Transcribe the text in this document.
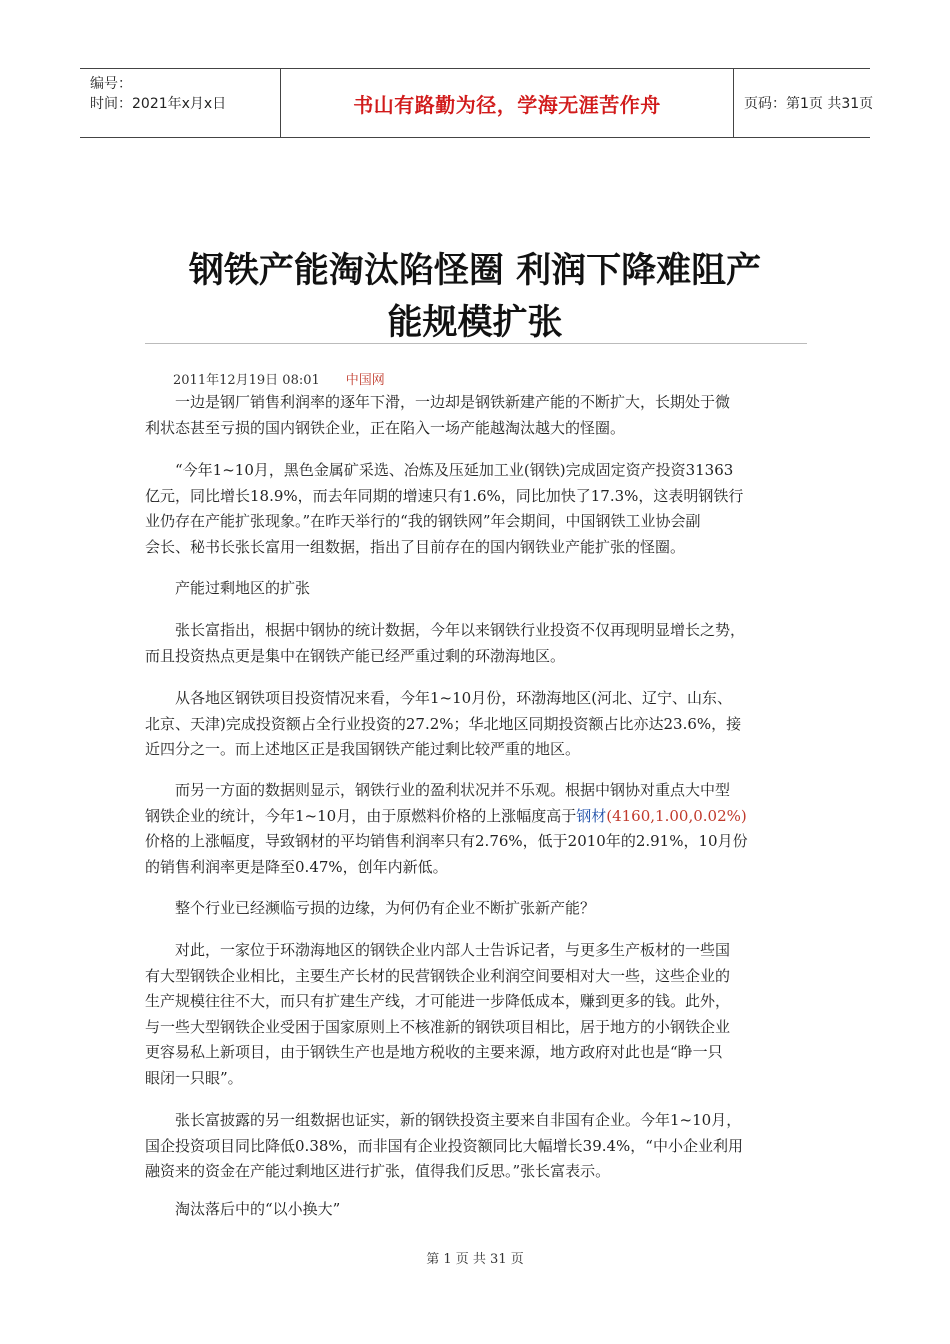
编号：
时间：2021年x月x日	书山有路勤为径，学海无涯苦作舟	页码：第1页 共31页
钢铁产能淘汰陷怪圈 利润下降难阻产
能规模扩张
2011年12月19日 08:01 中国网
一边是钢厂销售利润率的逐年下滑，一边却是钢铁新建产能的不断扩大，长期处于微
利状态甚至亏损的国内钢铁企业，正在陷入一场产能越淘汰越大的怪圈。
“今年1~10月，黑色金属矿采选、冶炼及压延加工业(钢铁)完成固定资产投资31363
亿元，同比增长18.9%，而去年同期的增速只有1.6%，同比加快了17.3%，这表明钢铁行
业仍存在产能扩张现象。”在昨天举行的“我的钢铁网”年会期间，中国钢铁工业协会副
会长、秘书长张长富用一组数据，指出了目前存在的国内钢铁业产能扩张的怪圈。
产能过剩地区的扩张
张长富指出，根据中钢协的统计数据，今年以来钢铁行业投资不仅再现明显增长之势，
而且投资热点更是集中在钢铁产能已经严重过剩的环渤海地区。
从各地区钢铁项目投资情况来看，今年1~10月份，环渤海地区(河北、辽宁、山东、
北京、天津)完成投资额占全行业投资的27.2%；华北地区同期投资额占比亦达23.6%，接
近四分之一。而上述地区正是我国钢铁产能过剩比较严重的地区。
而另一方面的数据则显示，钢铁行业的盈利状况并不乐观。根据中钢协对重点大中型
钢铁企业的统计，今年1~10月，由于原燃料价格的上涨幅度高于钢材(4160,1.00,0.02%)
价格的上涨幅度，导致钢材的平均销售利润率只有2.76%，低于2010年的2.91%，10月份
的销售利润率更是降至0.47%，创年内新低。
整个行业已经濒临亏损的边缘，为何仍有企业不断扩张新产能？
对此，一家位于环渤海地区的钢铁企业内部人士告诉记者，与更多生产板材的一些国
有大型钢铁企业相比，主要生产长材的民营钢铁企业利润空间要相对大一些，这些企业的
生产规模往往不大，而只有扩建生产线，才可能进一步降低成本，赚到更多的钱。此外，
与一些大型钢铁企业受困于国家原则上不核准新的钢铁项目相比，居于地方的小钢铁企业
更容易私上新项目，由于钢铁生产也是地方税收的主要来源，地方政府对此也是“睁一只
眼闭一只眼”。
张长富披露的另一组数据也证实，新的钢铁投资主要来自非国有企业。今年1~10月，
国企投资项目同比降低0.38%，而非国有企业投资额同比大幅增长39.4%，“中小企业利用
融资来的资金在产能过剩地区进行扩张，值得我们反思。”张长富表示。
淘汰落后中的“以小换大”
第 1 页 共 31 页
